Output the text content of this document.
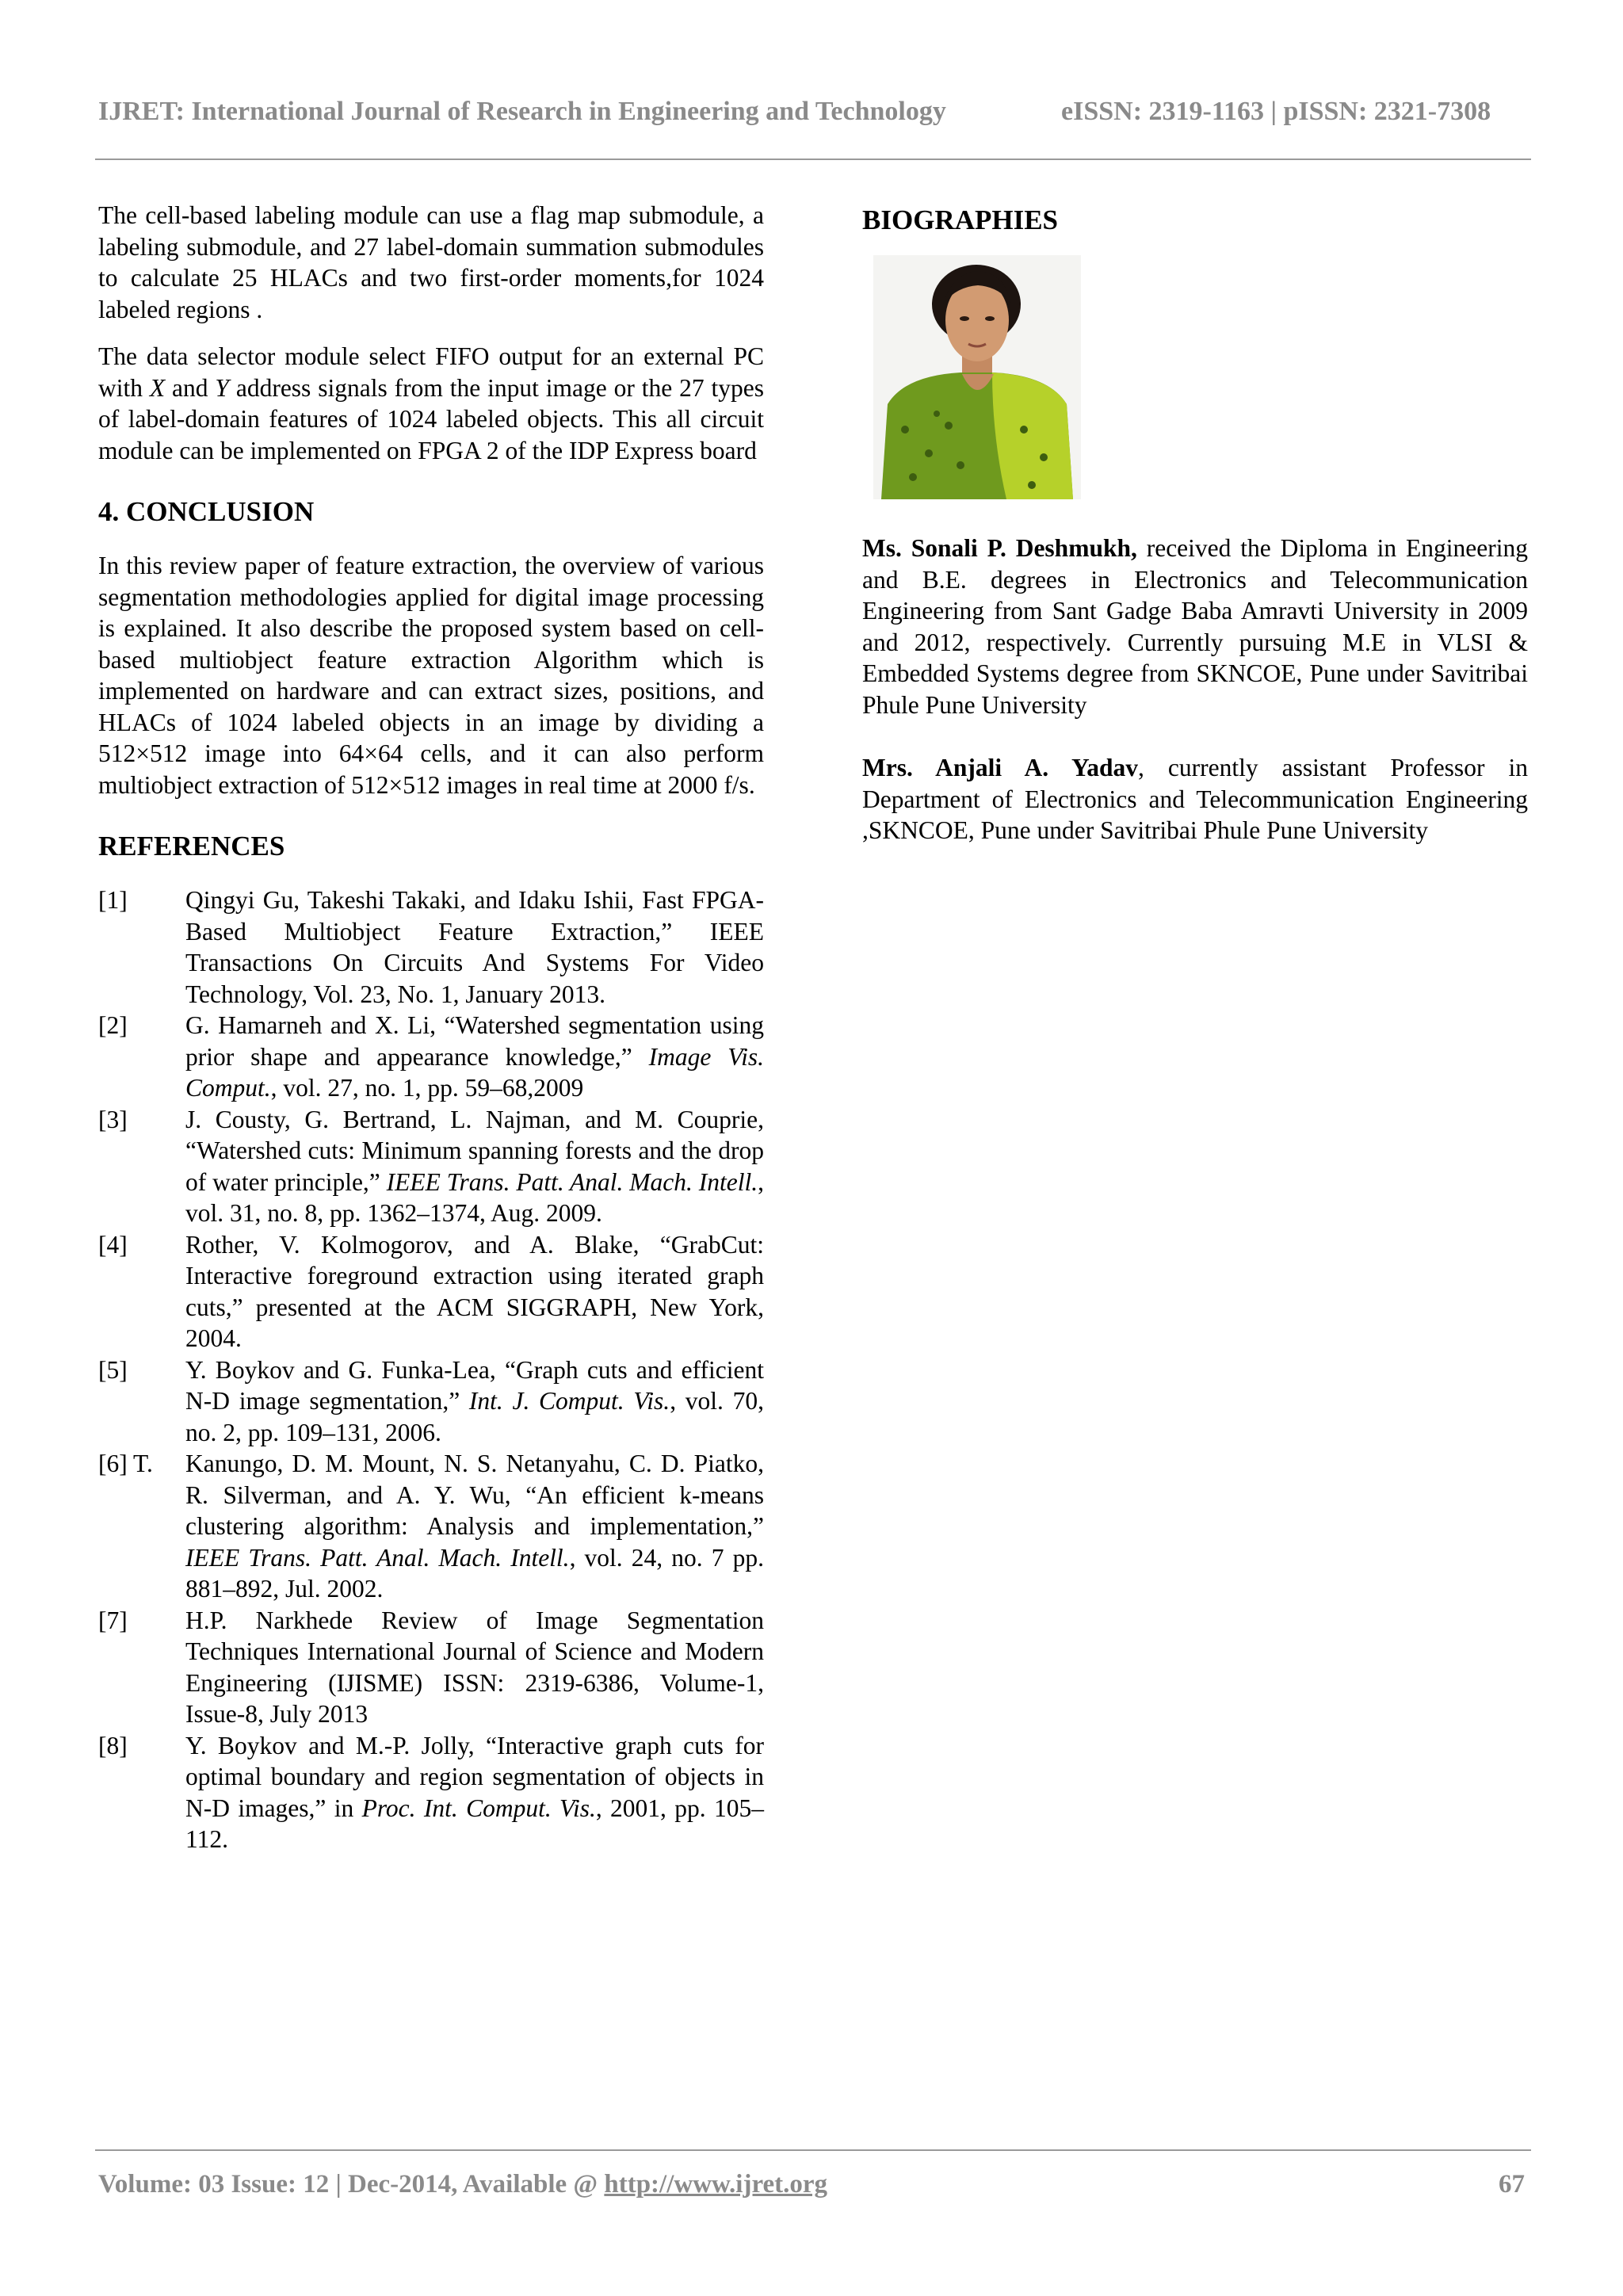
IJRET: International Journal of Research in Engineering and Technology	eISSN: 2319-1163 | pISSN: 2321-7308

The cell-based labeling module can use a flag map submodule, a labeling submodule, and 27 label-domain summation submodules to calculate 25 HLACs and two first-order moments,for 1024 labeled regions .

The data selector module select FIFO output for an external PC with X and Y address signals from the input image or the 27 types of label-domain features of 1024 labeled objects. This all circuit module can be implemented on FPGA 2 of the IDP Express board

4. CONCLUSION

In this review paper of feature extraction, the overview of various segmentation methodologies applied for digital image processing is explained. It also describe the proposed system based on cell-based multiobject feature extraction Algorithm which is implemented on hardware and can extract sizes, positions, and HLACs of 1024 labeled objects in an image by dividing a 512×512 image into 64×64 cells, and it can also perform multiobject extraction of 512×512 images in real time at 2000 f/s.

REFERENCES
[1]	Qingyi Gu, Takeshi Takaki, and Idaku Ishii, Fast FPGA-Based Multiobject Feature Extraction,” IEEE Transactions On Circuits And Systems For Video Technology, Vol. 23, No. 1, January 2013.
[2]	G. Hamarneh and X. Li, “Watershed segmentation using prior shape and appearance knowledge,” Image Vis. Comput., vol. 27, no. 1, pp. 59–68,2009
[3]	J. Cousty, G. Bertrand, L. Najman, and M. Couprie, “Watershed cuts: Minimum spanning forests and the drop of water principle,” IEEE Trans. Patt. Anal. Mach. Intell., vol. 31, no. 8, pp. 1362–1374, Aug. 2009.
[4]	Rother, V. Kolmogorov, and A. Blake, “GrabCut: Interactive foreground extraction using iterated graph cuts,” presented at the ACM SIGGRAPH, New York, 2004.
[5]	Y. Boykov and G. Funka-Lea, “Graph cuts and efficient N-D image segmentation,” Int. J. Comput. Vis., vol. 70, no. 2, pp. 109–131, 2006.
[6] T.	Kanungo, D. M. Mount, N. S. Netanyahu, C. D. Piatko, R. Silverman, and A. Y. Wu, “An efficient k-means clustering algorithm: Analysis and implementation,” IEEE Trans. Patt. Anal. Mach. Intell., vol. 24, no. 7 pp. 881–892, Jul. 2002.
[7]	H.P. Narkhede Review of Image Segmentation Techniques International Journal of Science and Modern Engineering (IJISME) ISSN: 2319-6386, Volume-1, Issue-8, July 2013
[8]	Y. Boykov and M.-P. Jolly, “Interactive graph cuts for optimal boundary and region segmentation of objects in N-D images,” in Proc. Int. Comput. Vis., 2001, pp. 105–112.
BIOGRAPHIES

Ms. Sonali P. Deshmukh, received the Diploma in Engineering and B.E. degrees in Electronics and Telecommunication Engineering from Sant Gadge Baba Amravti University in 2009 and 2012, respectively. Currently pursuing M.E in VLSI & Embedded Systems degree from SKNCOE, Pune under Savitribai Phule Pune University

Mrs. Anjali A. Yadav, currently assistant Professor in Department of Electronics and Telecommunication Engineering ,SKNCOE, Pune under Savitribai Phule Pune University

Volume: 03 Issue: 12 | Dec-2014, Available @ http://www.ijret.org	67
